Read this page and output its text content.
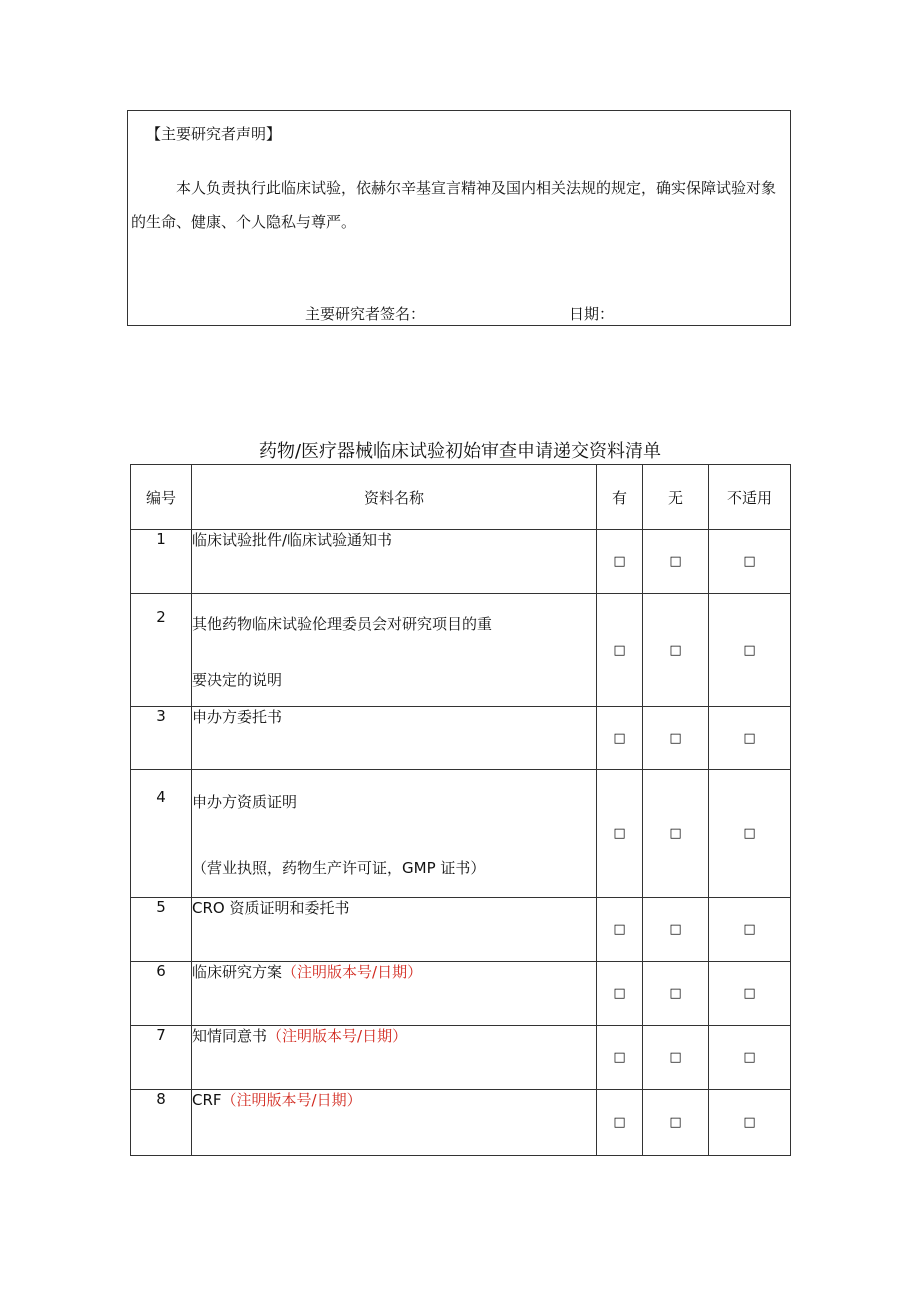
【主要研究者声明】
本人负责执行此临床试验，依赫尔辛基宣言精神及国内相关法规的规定，确实保障试验对象的生命、健康、个人隐私与尊严。
主要研究者签名：	日期：
药物/医疗器械临床试验初始审查申请递交资料清单
编号	资料名称	有	无	不适用
1	临床试验批件/临床试验通知书	□	□	□
2	其他药物临床试验伦理委员会对研究项目的重
要决定的说明	□	□	□
3	申办方委托书	□	□	□
4	申办方资质证明
（营业执照，药物生产许可证，GMP 证书）	□	□	□
5	CRO 资质证明和委托书	□	□	□
6	临床研究方案（注明版本号/日期）	□	□	□
7	知情同意书（注明版本号/日期）	□	□	□
8	CRF（注明版本号/日期）	□	□	□
